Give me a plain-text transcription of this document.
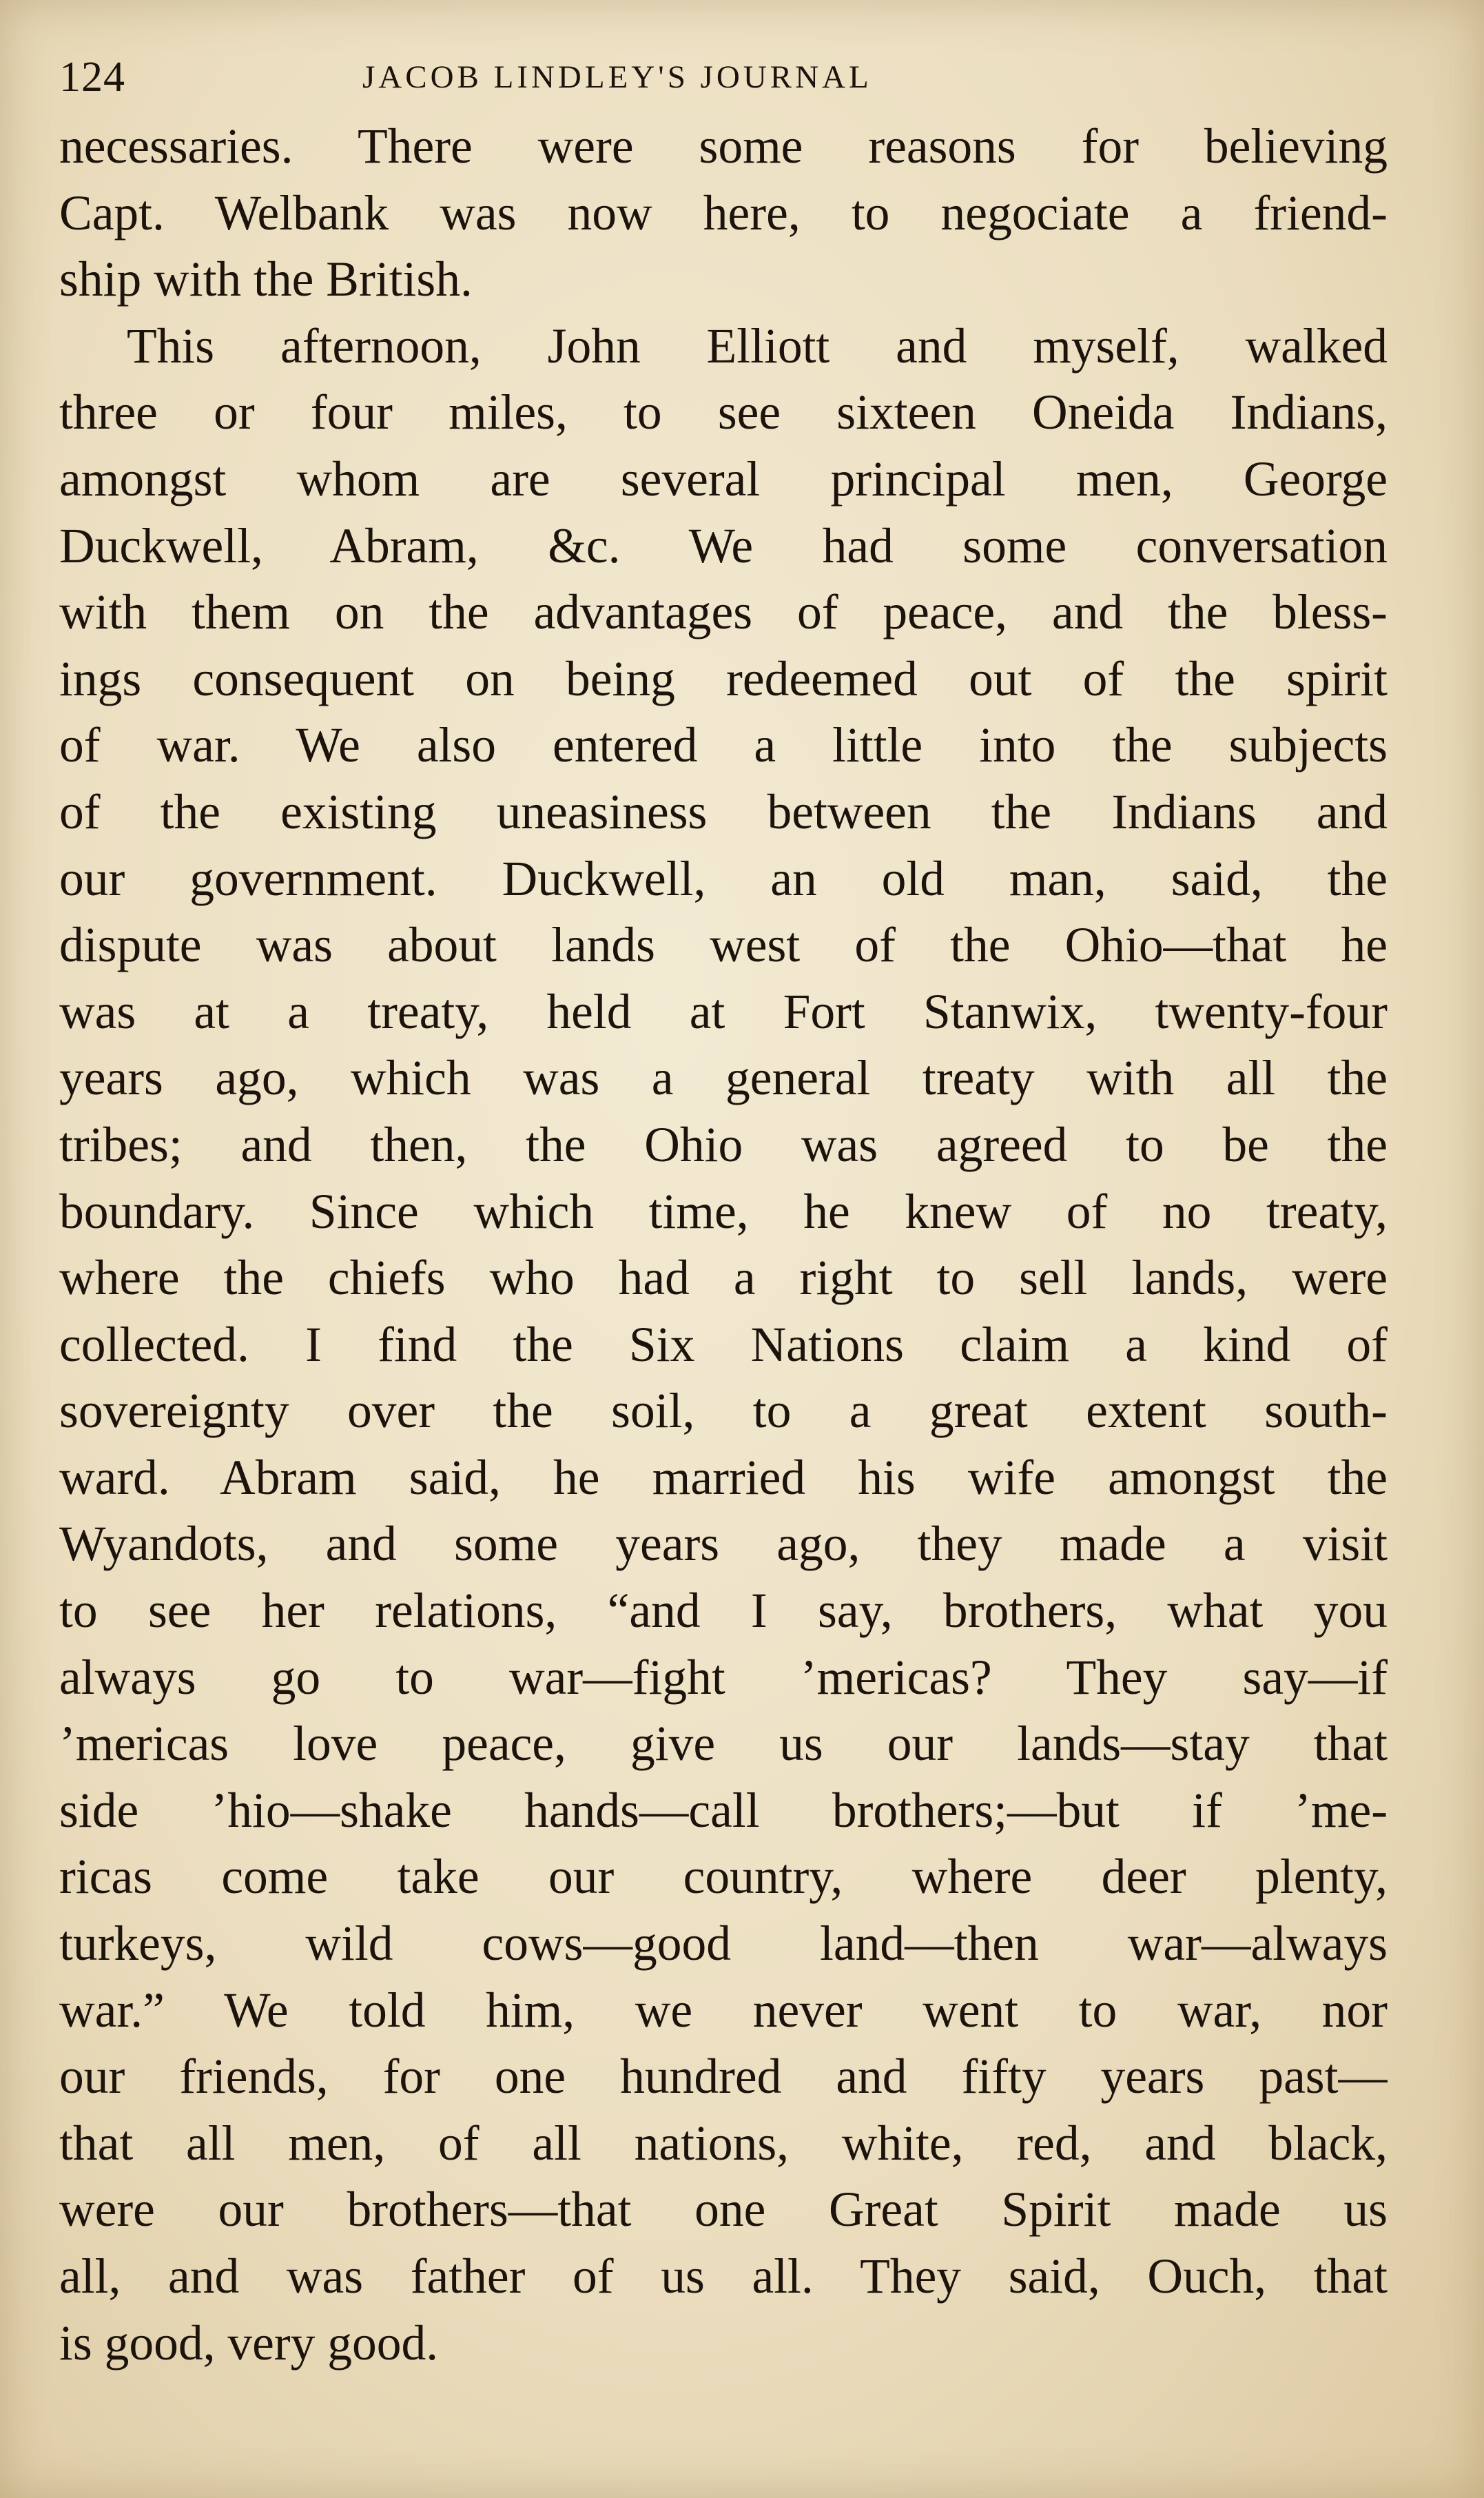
124	JACOB LINDLEY'S JOURNAL
necessaries. There were some reasons for believing
Capt. Welbank was now here, to negociate a friend-
ship with the British.
This afternoon, John Elliott and myself, walked
three or four miles, to see sixteen Oneida Indians,
amongst whom are several principal men, George
Duckwell, Abram, &c. We had some conversation
with them on the advantages of peace, and the bless-
ings consequent on being redeemed out of the spirit
of war. We also entered a little into the subjects
of the existing uneasiness between the Indians and
our government. Duckwell, an old man, said, the
dispute was about lands west of the Ohio—that he
was at a treaty, held at Fort Stanwix, twenty-four
years ago, which was a general treaty with all the
tribes; and then, the Ohio was agreed to be the
boundary. Since which time, he knew of no treaty,
where the chiefs who had a right to sell lands, were
collected. I find the Six Nations claim a kind of
sovereignty over the soil, to a great extent south-
ward. Abram said, he married his wife amongst the
Wyandots, and some years ago, they made a visit
to see her relations, “and I say, brothers, what you
always go to war—fight ’mericas? They say—if
’mericas love peace, give us our lands—stay that
side ’hio—shake hands—call brothers;—but if ’me-
ricas come take our country, where deer plenty,
turkeys, wild cows—good land—then war—always
war.” We told him, we never went to war, nor
our friends, for one hundred and fifty years past—
that all men, of all nations, white, red, and black,
were our brothers—that one Great Spirit made us
all, and was father of us all. They said, Ouch, that
is good, very good.
